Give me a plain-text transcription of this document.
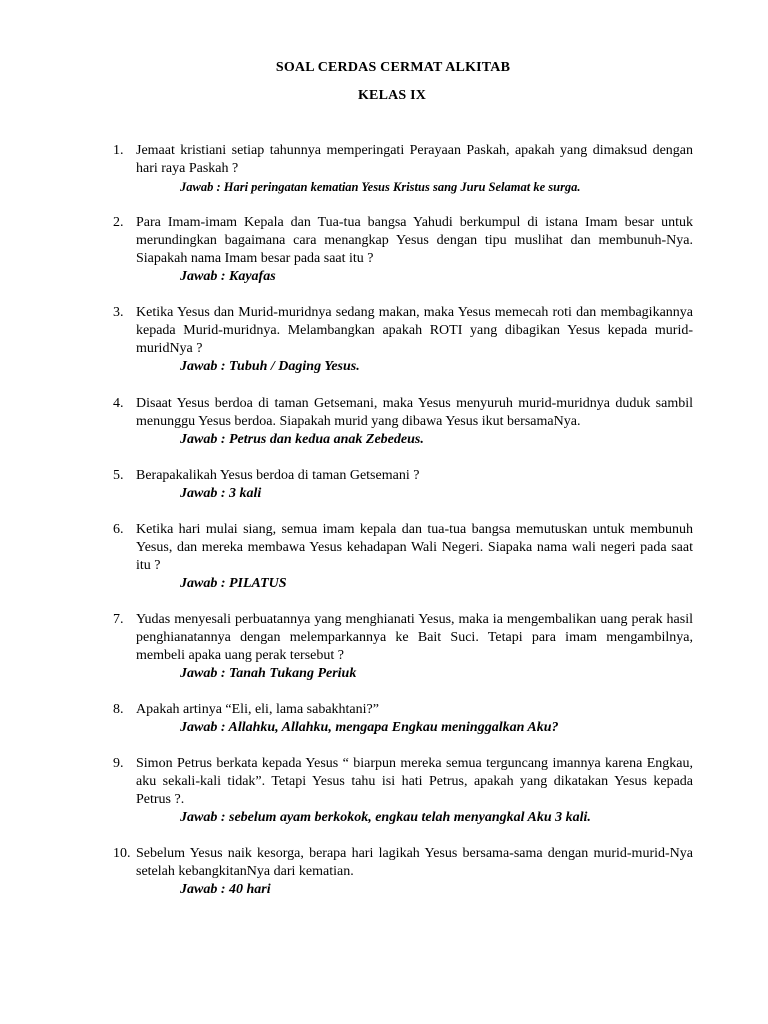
SOAL CERDAS CERMAT ALKITAB
KELAS IX
1. Jemaat kristiani setiap tahunnya memperingati Perayaan Paskah, apakah yang dimaksud dengan hari raya Paskah ?
Jawab : Hari peringatan kematian Yesus Kristus sang Juru Selamat ke surga.
2. Para Imam-imam Kepala dan Tua-tua bangsa Yahudi berkumpul di istana Imam besar untuk merundingkan bagaimana cara menangkap Yesus dengan tipu muslihat dan membunuh-Nya. Siapakah nama Imam besar pada saat itu ?
Jawab : Kayafas
3. Ketika Yesus dan Murid-muridnya sedang makan, maka Yesus memecah roti dan membagikannya kepada Murid-muridnya. Melambangkan apakah ROTI yang dibagikan Yesus kepada murid-muridNya ?
Jawab : Tubuh / Daging Yesus.
4. Disaat Yesus berdoa di taman Getsemani, maka Yesus menyuruh murid-muridnya duduk sambil menunggu Yesus berdoa. Siapakah murid yang dibawa Yesus ikut bersamaNya.
Jawab : Petrus dan kedua anak Zebedeus.
5. Berapakalikah Yesus berdoa di taman Getsemani ?
Jawab : 3 kali
6. Ketika hari mulai siang, semua imam kepala dan tua-tua bangsa memutuskan untuk membunuh Yesus, dan mereka membawa Yesus kehadapan Wali Negeri. Siapaka nama wali negeri pada saat itu ?
Jawab : PILATUS
7. Yudas menyesali perbuatannya yang menghianati Yesus, maka ia mengembalikan uang perak hasil penghianatannya dengan melemparkannya ke Bait Suci. Tetapi para imam mengambilnya, membeli apaka uang perak tersebut ?
Jawab : Tanah Tukang Periuk
8. Apakah artinya “Eli, eli, lama sabakhtani?”
Jawab : Allahku, Allahku, mengapa Engkau meninggalkan Aku?
9. Simon Petrus berkata kepada Yesus “ biarpun mereka semua terguncang imannya karena Engkau, aku sekali-kali tidak”. Tetapi Yesus tahu isi hati Petrus, apakah yang dikatakan Yesus kepada Petrus ?.
Jawab : sebelum ayam berkokok, engkau telah menyangkal Aku 3 kali.
10. Sebelum Yesus naik kesorga, berapa hari lagikah Yesus bersama-sama dengan murid-murid-Nya setelah kebangkitanNya dari kematian.
Jawab : 40 hari
